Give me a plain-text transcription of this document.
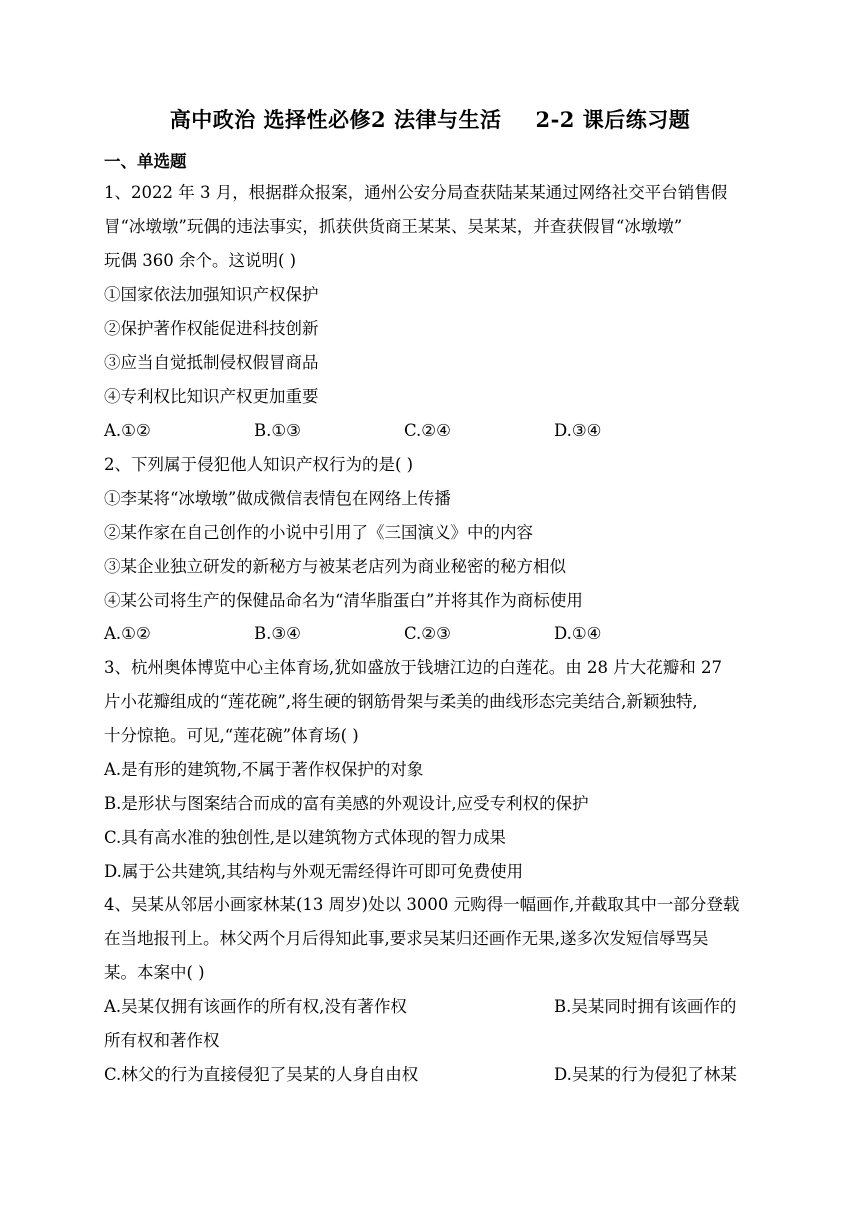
高中政治 选择性必修2 法律与生活 2-2 课后练习题
一、单选题
1、2022 年 3 月，根据群众报案，通州公安分局查获陆某某通过网络社交平台销售假
冒“冰墩墩”玩偶的违法事实，抓获供货商王某某、吴某某，并查获假冒“冰墩墩”
玩偶 360 余个。这说明( )
①国家依法加强知识产权保护
②保护著作权能促进科技创新
③应当自觉抵制侵权假冒商品
④专利权比知识产权更加重要
A.①②	B.①③	C.②④	D.③④
2、下列属于侵犯他人知识产权行为的是( )
①李某将“冰墩墩”做成微信表情包在网络上传播
②某作家在自己创作的小说中引用了《三国演义》中的内容
③某企业独立研发的新秘方与被某老店列为商业秘密的秘方相似
④某公司将生产的保健品命名为“清华脂蛋白”并将其作为商标使用
A.①②	B.③④	C.②③	D.①④
3、杭州奥体博览中心主体育场,犹如盛放于钱塘江边的白莲花。由 28 片大花瓣和 27
片小花瓣组成的“莲花碗”,将生硬的钢筋骨架与柔美的曲线形态完美结合,新颖独特,
十分惊艳。可见,“莲花碗”体育场( )
A.是有形的建筑物,不属于著作权保护的对象
B.是形状与图案结合而成的富有美感的外观设计,应受专利权的保护
C.具有高水准的独创性,是以建筑物方式体现的智力成果
D.属于公共建筑,其结构与外观无需经得许可即可免费使用
4、吴某从邻居小画家林某(13 周岁)处以 3000 元购得一幅画作,并截取其中一部分登载
在当地报刊上。林父两个月后得知此事,要求吴某归还画作无果,遂多次发短信辱骂吴
某。本案中( )
A.吴某仅拥有该画作的所有权,没有著作权	B.吴某同时拥有该画作的
所有权和著作权
C.林父的行为直接侵犯了吴某的人身自由权	D.吴某的行为侵犯了林某
